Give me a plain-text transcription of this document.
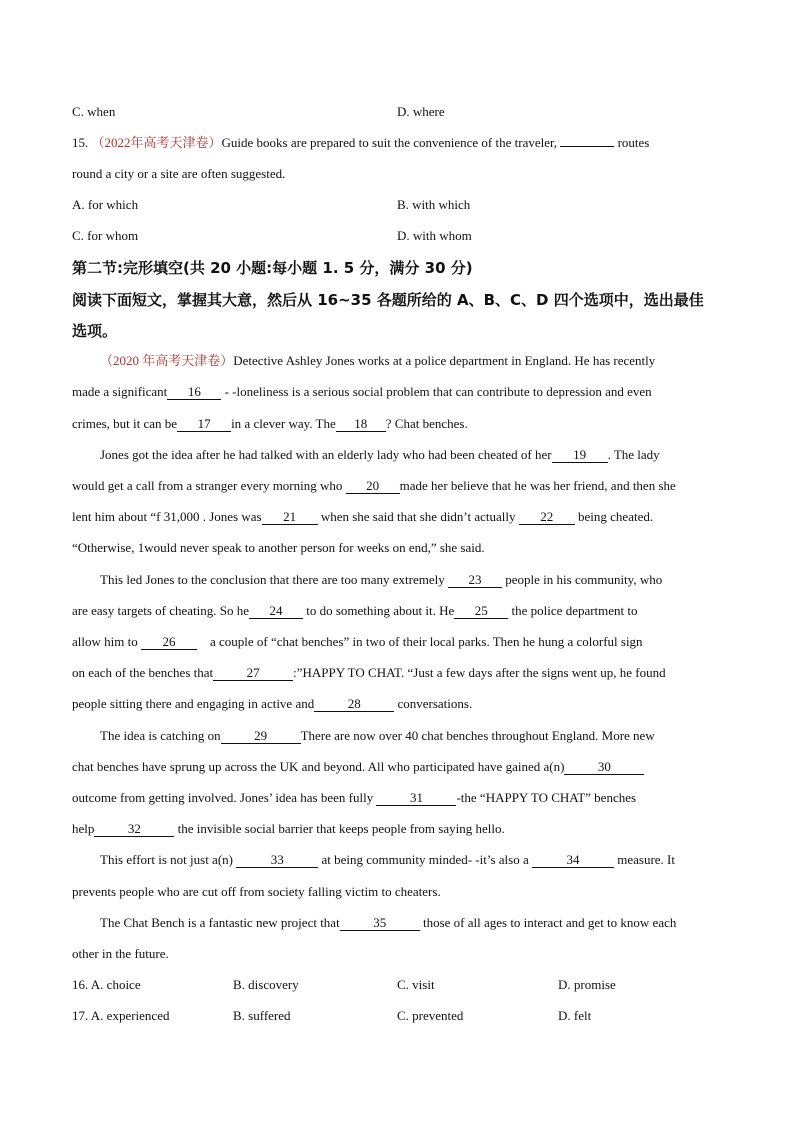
C. when	D. where
15. （2022年高考天津卷）Guide books are prepared to suit the convenience of the traveler,	routes
round a city or a site are often suggested.
A. for which	B. with which
C. for whom	D. with whom
第二节:完形填空(共 20 小题:每小题 1. 5 分，满分 30 分)
阅读下面短文，掌握其大意，然后从 16~35 各题所给的 A、B、C、D 四个选项中，选出最佳
选项。
（2020 年高考天津卷）Detective Ashley Jones works at a police department in England. He has recently
made a significant 16 - -loneliness is a serious social problem that can contribute to depression and even
crimes, but it can be 17 in a clever way. The 18 ? Chat benches.
Jones got the idea after he had talked with an elderly lady who had been cheated of her 19 . The lady
would get a call from a stranger every morning who 20 made her believe that he was her friend, and then she
lent him about “f 31,000 . Jones was 21 when she said that she didn’t actually 22 being cheated.
“Otherwise, 1would never speak to another person for weeks on end,” she said.
This led Jones to the conclusion that there are too many extremely 23 people in his community, who
are easy targets of cheating. So he 24 to do something about it. He 25 the police department to
allow him to 26	a couple of “chat benches” in two of their local parks. Then he hung a colorful sign
on each of the benches that	27	:”HAPPY TO CHAT. “Just a few days after the signs went up, he found
people sitting there and engaging in active and	28	conversations.
The idea is catching on	29	There are now over 40 chat benches throughout England. More new
chat benches have sprung up across the UK and beyond. All who participated have gained a(n)	30
outcome from getting involved. Jones’ idea has been fully	31	-the “HAPPY TO CHAT” benches
help	32	the invisible social barrier that keeps people from saying hello.
This effort is not just a(n)	33	at being community minded- -it’s also a	34	measure. It
prevents people who are cut off from society falling victim to cheaters.
The Chat Bench is a fantastic new project that	35	those of all ages to interact and get to know each
other in the future.
16. A. choice	B. discovery	C. visit	D. promise
17. A. experienced	B. suffered	C. prevented	D. felt
